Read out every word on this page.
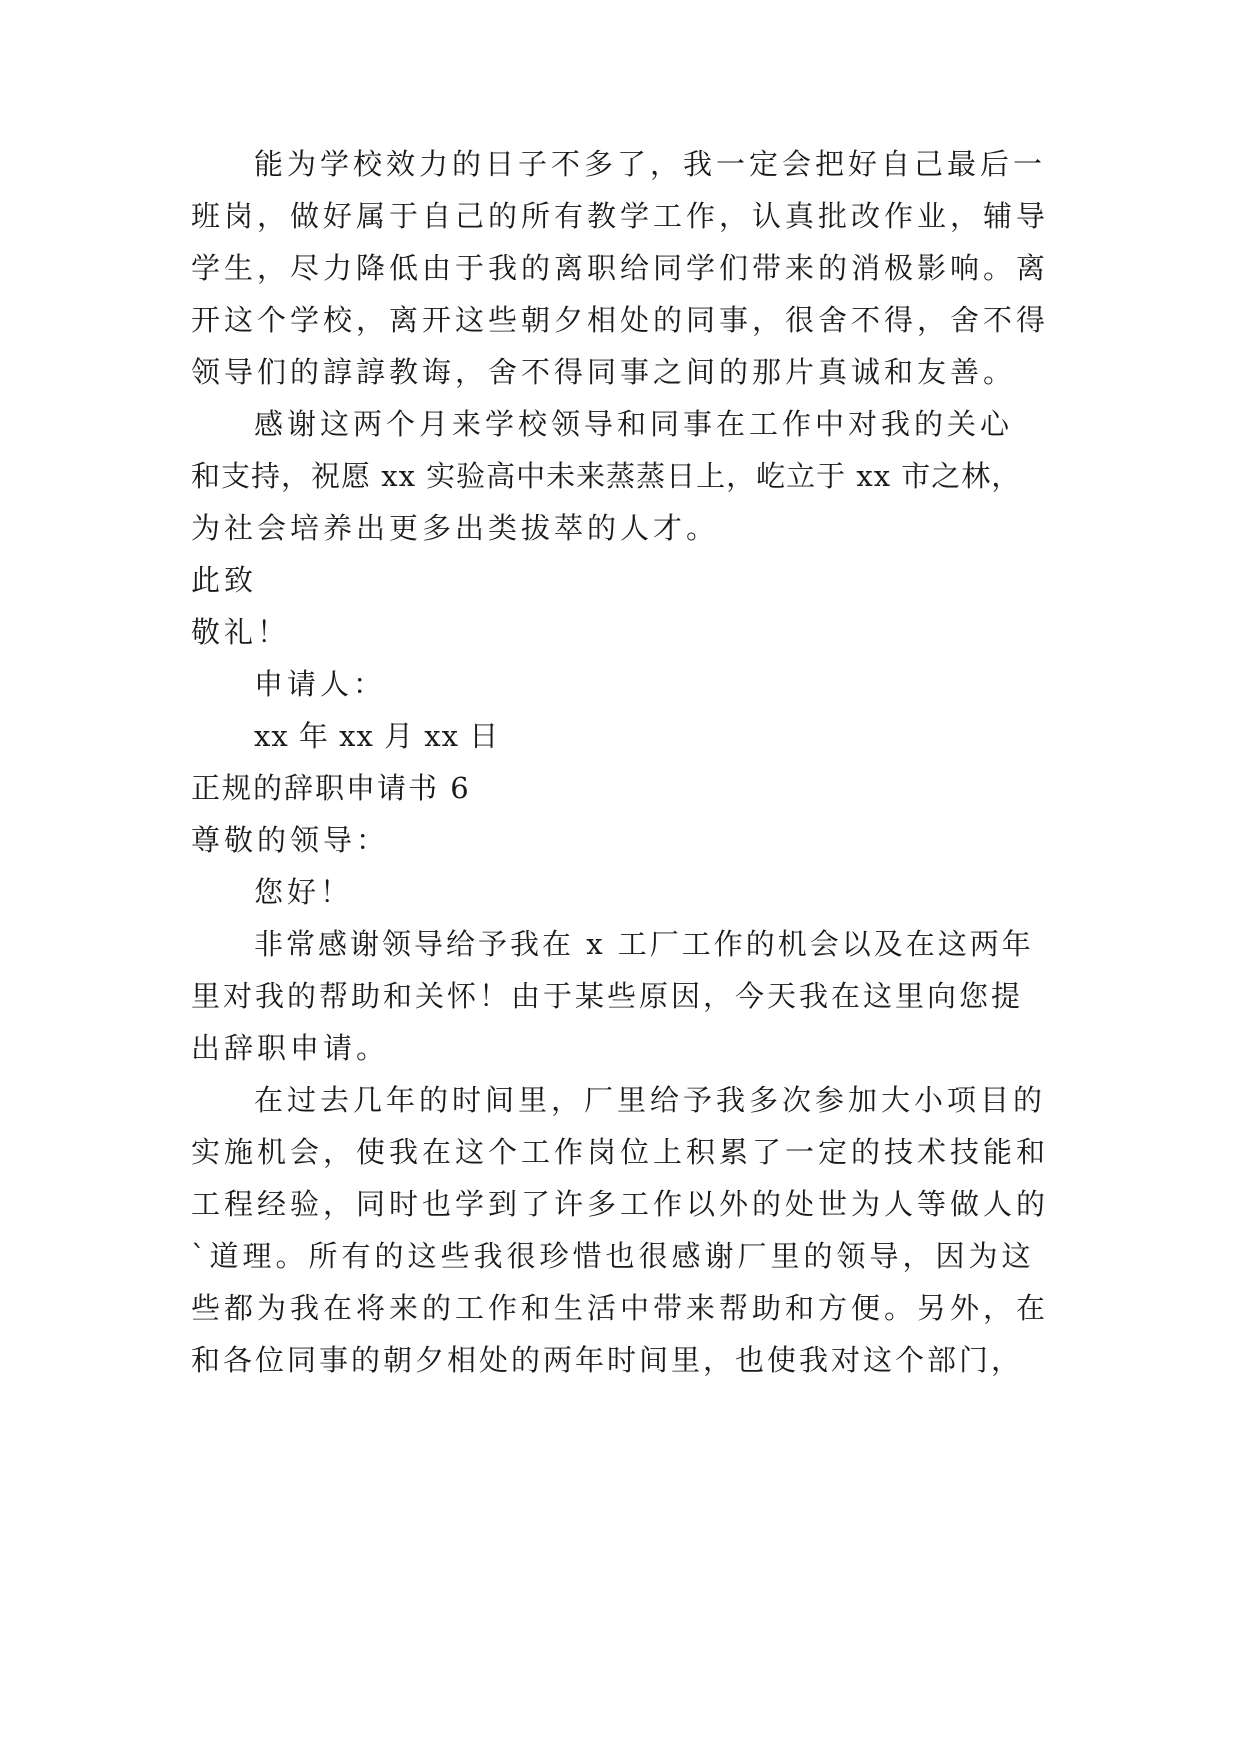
能为学校效力的日子不多了，我一定会把好自己最后一
班岗，做好属于自己的所有教学工作，认真批改作业，辅导
学生，尽力降低由于我的离职给同学们带来的消极影响。离
开这个学校，离开这些朝夕相处的同事，很舍不得，舍不得
领导们的諄諄教诲，舍不得同事之间的那片真诚和友善。
感谢这两个月来学校领导和同事在工作中对我的关心
和支持，祝愿 xx 实验高中未来蒸蒸日上，屹立于 xx 市之林，
为社会培养出更多出类拔萃的人才。
此致
敬礼！
申请人：
xx 年 xx 月 xx 日
正规的辞职申请书 6
尊敬的领导：
您好！
非常感谢领导给予我在 x 工厂工作的机会以及在这两年
里对我的帮助和关怀！由于某些原因，今天我在这里向您提
出辞职申请。
在过去几年的时间里，厂里给予我多次参加大小项目的
实施机会，使我在这个工作岗位上积累了一定的技术技能和
工程经验，同时也学到了许多工作以外的处世为人等做人的
`道理。所有的这些我很珍惜也很感谢厂里的领导，因为这
些都为我在将来的工作和生活中带来帮助和方便。另外，在
和各位同事的朝夕相处的两年时间里，也使我对这个部门，
